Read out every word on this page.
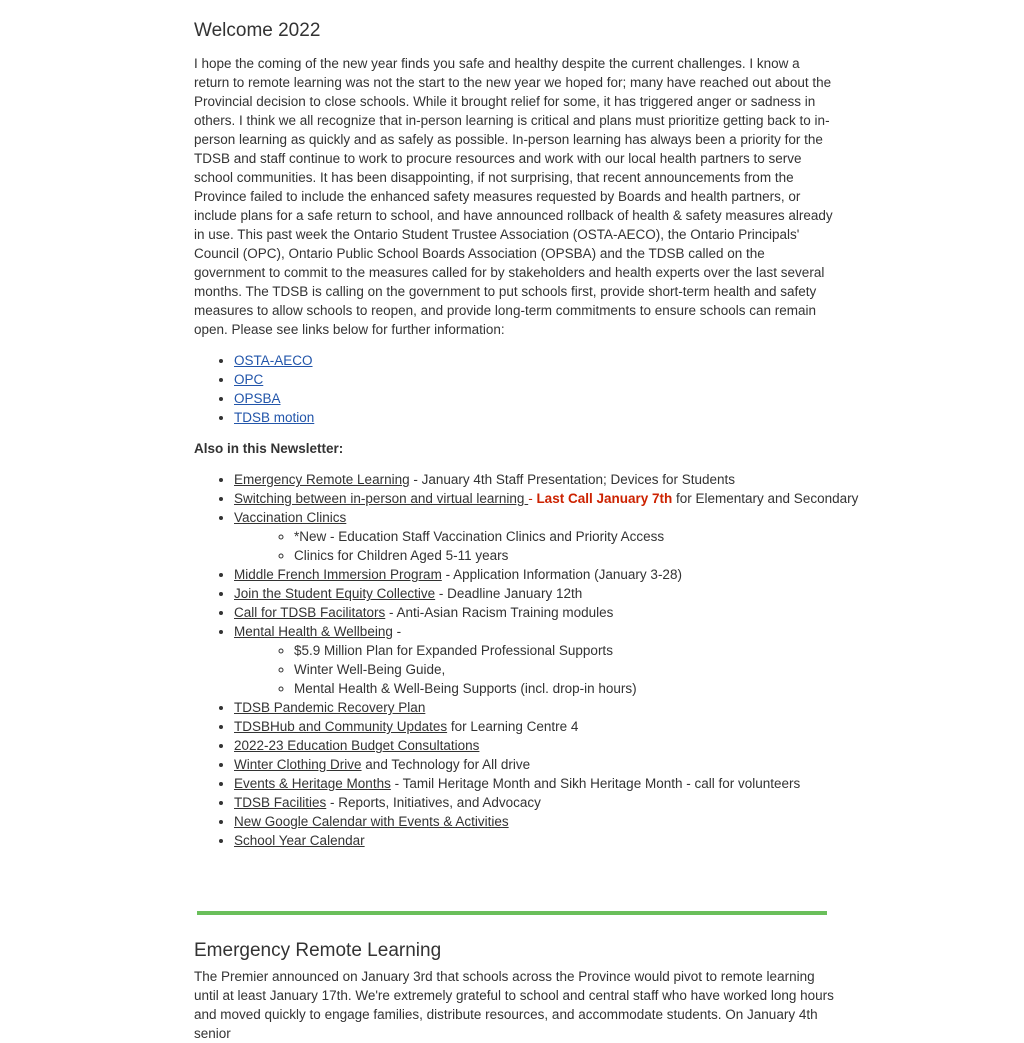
Welcome 2022

I hope the coming of the new year finds you safe and healthy despite the current challenges. I know a return to remote learning was not the start to the new year we hoped for; many have reached out about the Provincial decision to close schools. While it brought relief for some, it has triggered anger or sadness in others. I think we all recognize that in-person learning is critical and plans must prioritize getting back to in-person learning as quickly and as safely as possible. In-person learning has always been a priority for the TDSB and staff continue to work to procure resources and work with our local health partners to serve school communities. It has been disappointing, if not surprising, that recent announcements from the Province failed to include the enhanced safety measures requested by Boards and health partners, or include plans for a safe return to school, and have announced rollback of health & safety measures already in use. This past week the Ontario Student Trustee Association (OSTA-AECO), the Ontario Principals' Council (OPC), Ontario Public School Boards Association (OPSBA) and the TDSB called on the government to commit to the measures called for by stakeholders and health experts over the last several months. The TDSB is calling on the government to put schools first, provide short-term health and safety measures to allow schools to reopen, and provide long-term commitments to ensure schools can remain open. Please see links below for further information:

• OSTA-AECO
• OPC
• OPSBA
• TDSB motion

Also in this Newsletter:

• Emergency Remote Learning - January 4th Staff Presentation; Devices for Students
• Switching between in-person and virtual learning - Last Call January 7th for Elementary and Secondary
• Vaccination Clinics
◦ *New - Education Staff Vaccination Clinics and Priority Access
◦ Clinics for Children Aged 5-11 years
• Middle French Immersion Program - Application Information (January 3-28)
• Join the Student Equity Collective - Deadline January 12th
• Call for TDSB Facilitators - Anti-Asian Racism Training modules
• Mental Health & Wellbeing -
◦ $5.9 Million Plan for Expanded Professional Supports
◦ Winter Well-Being Guide,
◦ Mental Health & Well-Being Supports (incl. drop-in hours)
• TDSB Pandemic Recovery Plan
• TDSBHub and Community Updates for Learning Centre 4
• 2022-23 Education Budget Consultations
• Winter Clothing Drive and Technology for All drive
• Events & Heritage Months - Tamil Heritage Month and Sikh Heritage Month - call for volunteers
• TDSB Facilities - Reports, Initiatives, and Advocacy
• New Google Calendar with Events & Activities
• School Year Calendar
Emergency Remote Learning

The Premier announced on January 3rd that schools across the Province would pivot to remote learning until at least January 17th. We're extremely grateful to school and central staff who have worked long hours and moved quickly to engage families, distribute resources, and accommodate students. On January 4th senior
